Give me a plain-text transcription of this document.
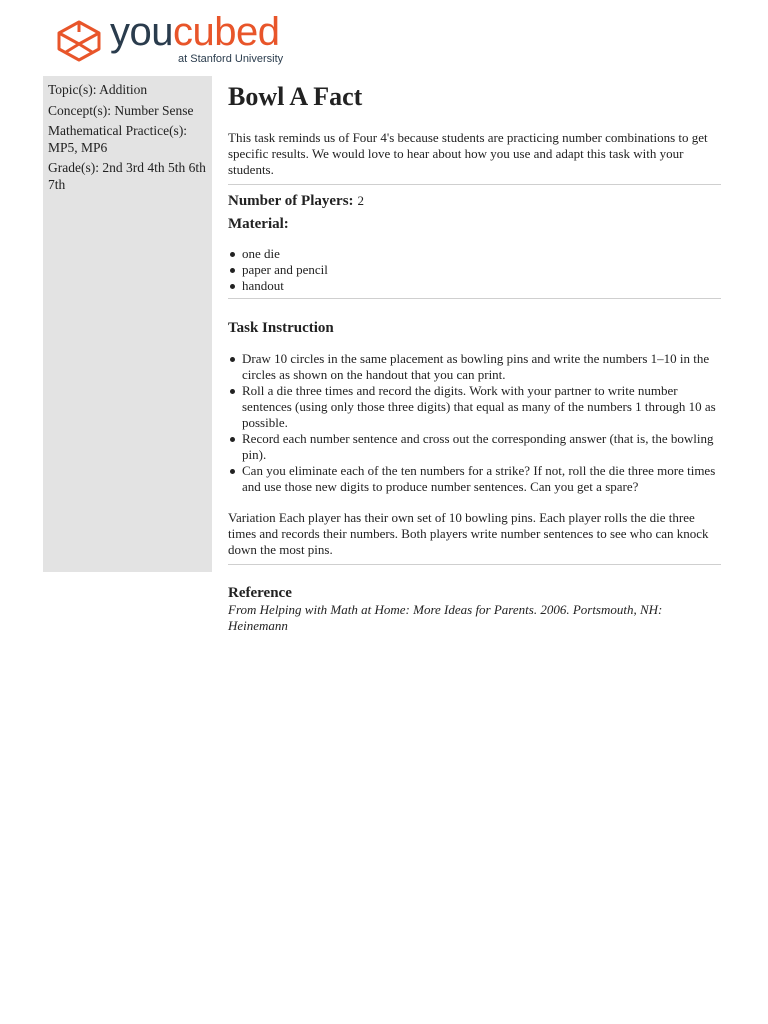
youcubed
at Stanford University
Topic(s): Addition
Concept(s): Number Sense
Mathematical Practice(s): MP5, MP6
Grade(s): 2nd 3rd 4th 5th 6th 7th
Bowl A Fact

This task reminds us of Four 4's because students are practicing number combinations to get specific results. We would love to hear about how you use and adapt this task with your students.

Number of Players: 2
Material:
one die
paper and pencil
handout
Task Instruction
Draw 10 circles in the same placement as bowling pins and write the numbers 1–10 in the circles as shown on the handout that you can print.
Roll a die three times and record the digits. Work with your partner to write number sentences (using only those three digits) that equal as many of the numbers 1 through 10 as possible.
Record each number sentence and cross out the corresponding answer (that is, the bowling pin).
Can you eliminate each of the ten numbers for a strike? If not, roll the die three more times and use those new digits to produce number sentences. Can you get a spare?
Variation Each player has their own set of 10 bowling pins. Each player rolls the die three times and records their numbers. Both players write number sentences to see who can knock down the most pins.
Reference
From Helping with Math at Home: More Ideas for Parents. 2006. Portsmouth, NH: Heinemann
